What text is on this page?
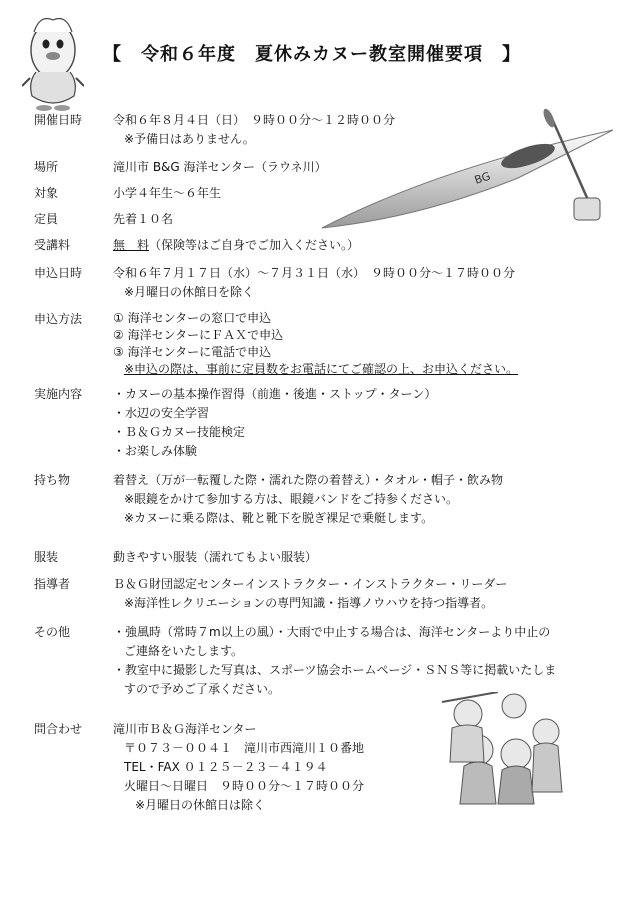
【　令和６年度　夏休みカヌー教室開催要項　】
BG
開催日時	令和６年８月４日（日）　９時００分～１２時００分
※予備日はありません。
場所	滝川市 B&G 海洋センター（ラウネ川）
対象	小学４年生～６年生
定員	先着１０名
受講料	無　料（保険等はご自身でご加入ください。）
申込日時	令和６年７月１７日（水）～７月３１日（水）　９時００分～１７時００分
※月曜日の休館日を除く
申込方法	① 海洋センターの窓口で申込
② 海洋センターにＦＡＸで申込
③ 海洋センターに電話で申込
※申込の際は、事前に定員数をお電話にてご確認の上、お申込ください。
実施内容	・カヌーの基本操作習得（前進・後進・ストップ・ターン）
・水辺の安全学習
・Ｂ＆Ｇカヌー技能検定
・お楽しみ体験
持ち物	着替え（万が一転覆した際・濡れた際の着替え）・タオル・帽子・飲み物
※眼鏡をかけて参加する方は、眼鏡バンドをご持参ください。
※カヌーに乗る際は、靴と靴下を脱ぎ裸足で乗艇します。
服装	動きやすい服装（濡れてもよい服装）
指導者	Ｂ＆Ｇ財団認定センターインストラクター・インストラクター・リーダー
※海洋性レクリエーションの専門知識・指導ノウハウを持つ指導者。
その他	・強風時（常時７m以上の風）・大雨で中止する場合は、海洋センターより中止の
ご連絡をいたします。
・教室中に撮影した写真は、スポーツ協会ホームページ・ＳＮＳ等に掲載いたしま
すので予めご了承ください。
問合わせ	滝川市Ｂ＆Ｇ海洋センター
〒０７３－００４１　滝川市西滝川１０番地
TEL・FAX ０１２５－２３－４１９４
火曜日～日曜日　９時００分～１７時００分
※月曜日の休館日は除く
